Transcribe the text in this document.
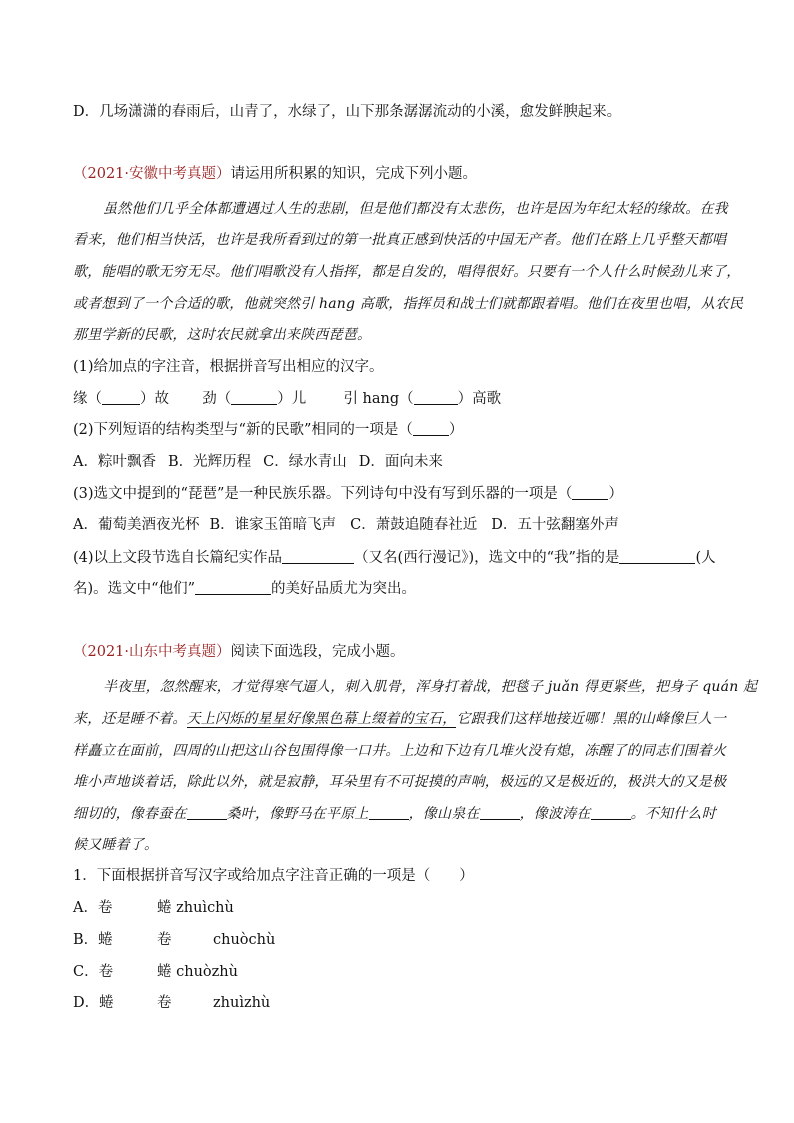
D．几场潇潇的春雨后，山青了，水绿了，山下那条潺潺流动的小溪，愈发鲜腴起来。
（2021·安徽中考真题）请运用所积累的知识，完成下列小题。
虽然他们几乎全体都遭遇过人生的悲剧，但是他们都没有太悲伤，也许是因为年纪太轻的缘故。在我
看来，他们相当快活，也许是我所看到过的第一批真正感到快活的中国无产者。他们在路上几乎整天都唱
歌，能唱的歌无穷无尽。他们唱歌没有人指挥，都是自发的，唱得很好。只要有一个人什么时候劲儿来了，
或者想到了一个合适的歌，他就突然引 hang 高歌，指挥员和战士们就都跟着唱。他们在夜里也唱，从农民
那里学新的民歌，这时农民就拿出来陕西琵琶。
(1)给加点的字注音，根据拼音写出相应的汉字。
缘（	）故 劲（	）儿	引 hang（	）高歌
(2)下列短语的结构类型与“新的民歌”相同的一项是（ ）
A．粽叶飘香 B．光辉历程 C．绿水青山 D．面向未来
(3)选文中提到的“琵琶”是一种民族乐器。下列诗句中没有写到乐器的一项是（ ）
A．葡萄美酒夜光杯 B．谁家玉笛暗飞声 C．萧鼓追随春社近 D．五十弦翻塞外声
(4)以上文段节选自长篇纪实作品	（又名(西行漫记》)，选文中的“我”指的是	(人
名)。选文中“他们”	的美好品质尤为突出。
（2021·山东中考真题）阅读下面选段，完成小题。
半夜里，忽然醒来，才觉得寒气逼人，刺入肌骨，浑身打着战，把毯子 juǎn 得更紧些，把身子 quán 起
来，还是睡不着。天上闪烁的星星好像黑色幕上缀着的宝石，它跟我们这样地接近哪！黑的山峰像巨人一
样矗立在面前，四周的山把这山谷包围得像一口井。上边和下边有几堆火没有熄，冻醒了的同志们围着火
堆小声地谈着话，除此以外，就是寂静，耳朵里有不可捉摸的声响，极远的又是极近的，极洪大的又是极
细切的，像春蚕在	桑叶，像野马在平原上	，像山泉在	，像波涛在	。不知什么时
候又睡着了。
1．下面根据拼音写汉字或给加点字注音正确的一项是（　　）
A．卷	蜷 zhuìchù
B．蜷	卷	chuòchù
C．卷	蜷 chuòzhù
D．蜷	卷	zhuìzhù
